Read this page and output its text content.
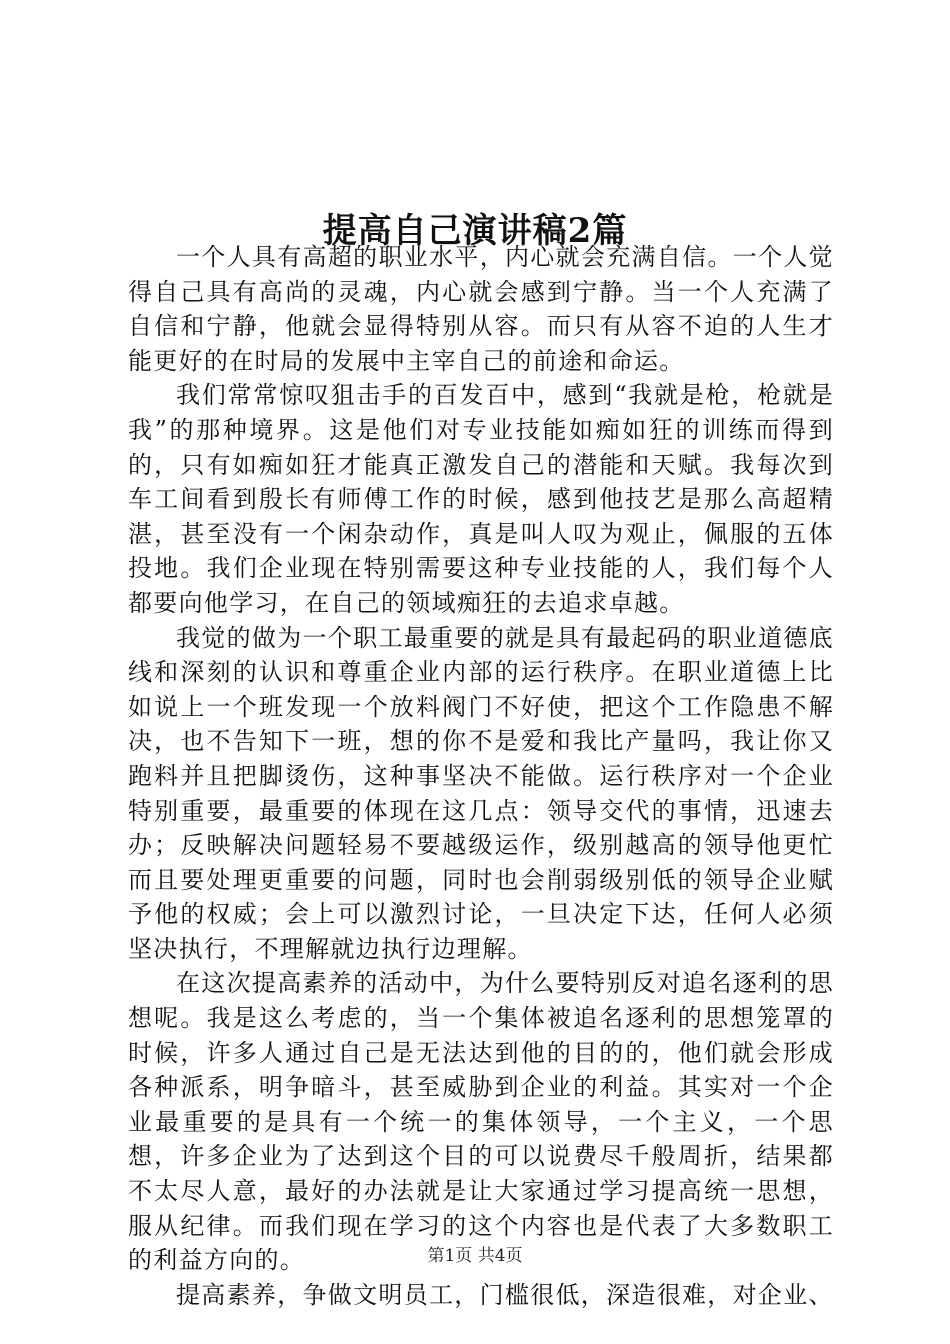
提高自己演讲稿2篇

一个人具有高超的职业水平，内心就会充满自信。一个人觉得自己具有高尚的灵魂，内心就会感到宁静。当一个人充满了自信和宁静，他就会显得特别从容。而只有从容不迫的人生才能更好的在时局的发展中主宰自己的前途和命运。

我们常常惊叹狙击手的百发百中，感到“我就是枪，枪就是我”的那种境界。这是他们对专业技能如痴如狂的训练而得到的，只有如痴如狂才能真正激发自己的潜能和天赋。我每次到车工间看到殷长有师傅工作的时候，感到他技艺是那么高超精湛，甚至没有一个闲杂动作，真是叫人叹为观止，佩服的五体投地。我们企业现在特别需要这种专业技能的人，我们每个人都要向他学习，在自己的领域痴狂的去追求卓越。

我觉的做为一个职工最重要的就是具有最起码的职业道德底线和深刻的认识和尊重企业内部的运行秩序。在职业道德上比如说上一个班发现一个放料阀门不好使，把这个工作隐患不解决，也不告知下一班，想的你不是爱和我比产量吗，我让你又跑料并且把脚烫伤，这种事坚决不能做。运行秩序对一个企业特别重要，最重要的体现在这几点：领导交代的事情，迅速去办；反映解决问题轻易不要越级运作，级别越高的领导他更忙而且要处理更重要的问题，同时也会削弱级别低的领导企业赋予他的权威；会上可以激烈讨论，一旦决定下达，任何人必须坚决执行，不理解就边执行边理解。

在这次提高素养的活动中，为什么要特别反对追名逐利的思想呢。我是这么考虑的，当一个集体被追名逐利的思想笼罩的时候，许多人通过自己是无法达到他的目的的，他们就会形成各种派系，明争暗斗，甚至威胁到企业的利益。其实对一个企业最重要的是具有一个统一的集体领导，一个主义，一个思想，许多企业为了达到这个目的可以说费尽千般周折，结果都不太尽人意，最好的办法就是让大家通过学习提高统一思想，服从纪律。而我们现在学习的这个内容也是代表了大多数职工的利益方向的。

提高素养，争做文明员工，门槛很低，深造很难，对企业、

第1页 共4页
